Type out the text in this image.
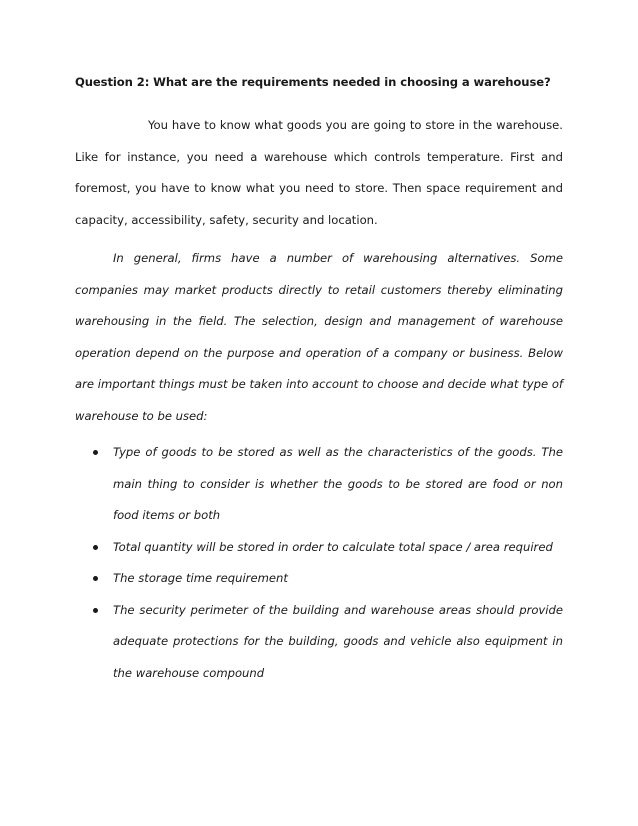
Question 2: What are the requirements needed in choosing a warehouse?

You have to know what goods you are going to store in the warehouse. Like for instance, you need a warehouse which controls temperature. First and foremost, you have to know what you need to store. Then space requirement and capacity, accessibility, safety, security and location.

In general, firms have a number of warehousing alternatives. Some companies may market products directly to retail customers thereby eliminating warehousing in the field. The selection, design and management of warehouse operation depend on the purpose and operation of a company or business. Below are important things must be taken into account to choose and decide what type of warehouse to be used:

Type of goods to be stored as well as the characteristics of the goods. The main thing to consider is whether the goods to be stored are food or non food items or both
Total quantity will be stored in order to calculate total space / area required
The storage time requirement
The security perimeter of the building and warehouse areas should provide adequate protections for the building, goods and vehicle also equipment in the warehouse compound
